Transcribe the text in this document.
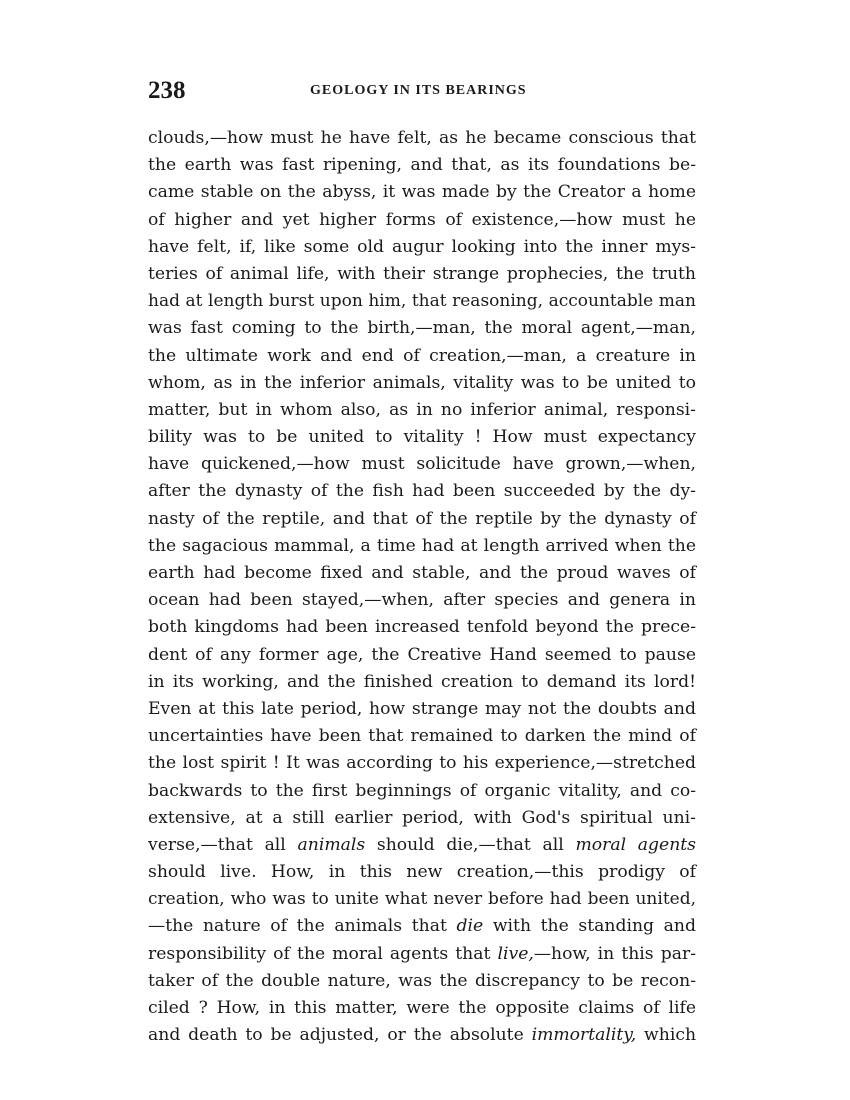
238	GEOLOGY IN ITS BEARINGS
clouds,—how must he have felt, as he became conscious that
the earth was fast ripening, and that, as its foundations be-
came stable on the abyss, it was made by the Creator a home
of higher and yet higher forms of existence,—how must he
have felt, if, like some old augur looking into the inner mys-
teries of animal life, with their strange prophecies, the truth
had at length burst upon him, that reasoning, accountable man
was fast coming to the birth,—man, the moral agent,—man,
the ultimate work and end of creation,—man, a creature in
whom, as in the inferior animals, vitality was to be united to
matter, but in whom also, as in no inferior animal, responsi-
bility was to be united to vitality ! How must expectancy
have quickened,—how must solicitude have grown,—when,
after the dynasty of the fish had been succeeded by the dy-
nasty of the reptile, and that of the reptile by the dynasty of
the sagacious mammal, a time had at length arrived when the
earth had become fixed and stable, and the proud waves of
ocean had been stayed,—when, after species and genera in
both kingdoms had been increased tenfold beyond the prece-
dent of any former age, the Creative Hand seemed to pause
in its working, and the finished creation to demand its lord!
Even at this late period, how strange may not the doubts and
uncertainties have been that remained to darken the mind of
the lost spirit ! It was according to his experience,—stretched
backwards to the first beginnings of organic vitality, and co-
extensive, at a still earlier period, with God's spiritual uni-
verse,—that all animals should die,—that all moral agents
should live. How, in this new creation,—this prodigy of
creation, who was to unite what never before had been united,
—the nature of the animals that die with the standing and
responsibility of the moral agents that live,—how, in this par-
taker of the double nature, was the discrepancy to be recon-
ciled ? How, in this matter, were the opposite claims of life
and death to be adjusted, or the absolute immortality, which
